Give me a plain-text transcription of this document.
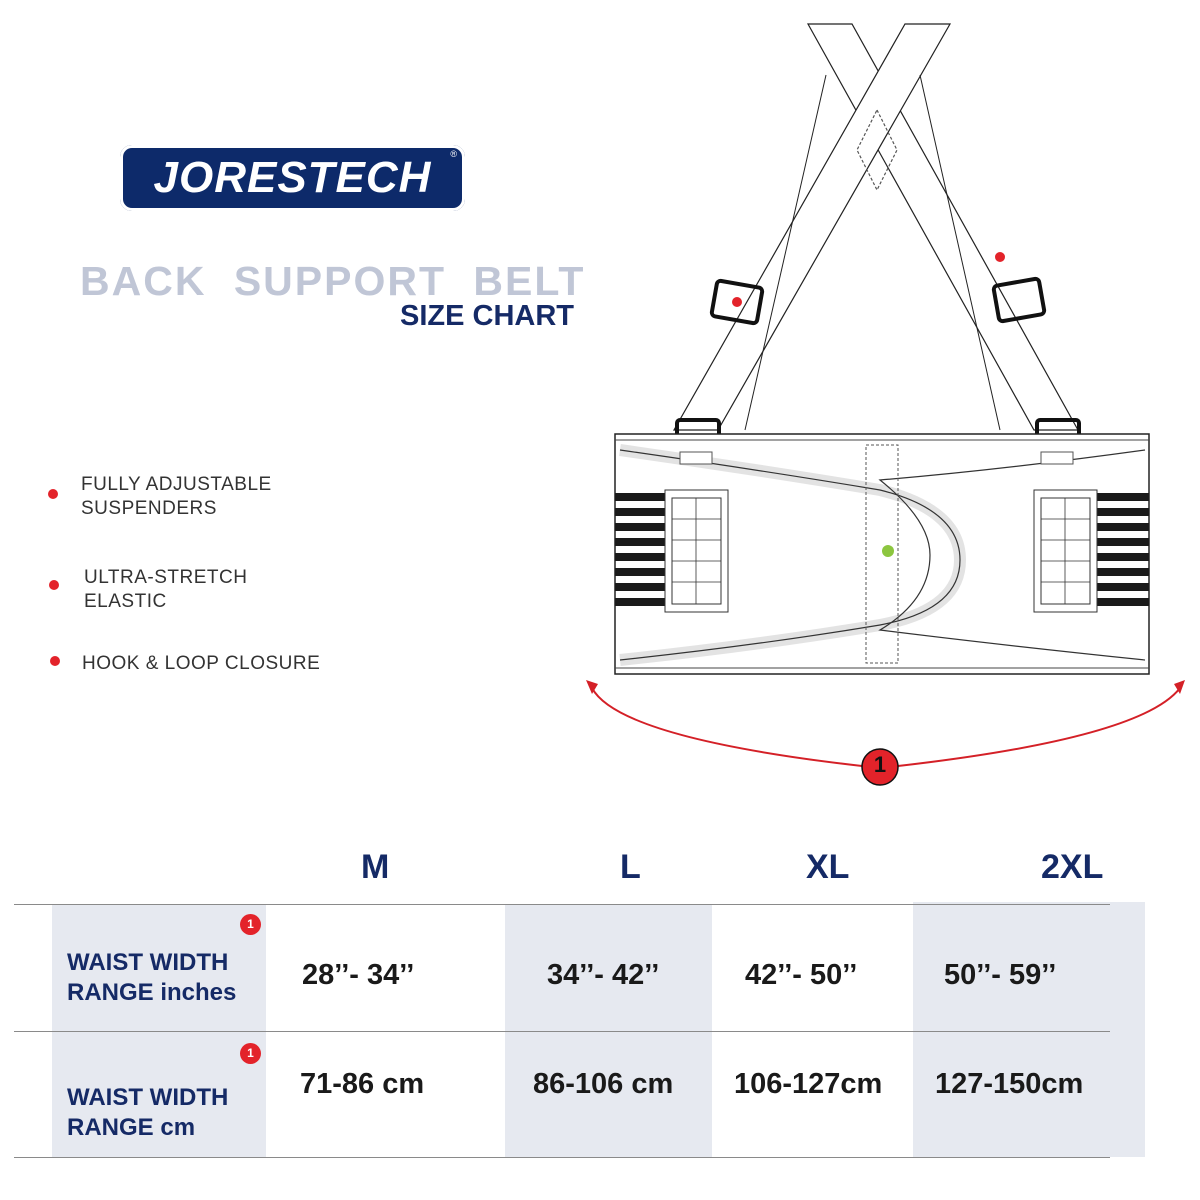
JORESTECH	®
BACK SUPPORT BELT
SIZE CHART
FULLY ADJUSTABLE
SUSPENDERS
ULTRA-STRETCH
ELASTIC
HOOK & LOOP CLOSURE
1
M	L	XL	2XL
1
WAIST WIDTH
RANGE inches
28’’- 34’’	34’’- 42’’	42’’- 50’’	50’’- 59’’
1
WAIST WIDTH
RANGE cm
71-86 cm	86-106 cm 106-127cm 127-150cm
